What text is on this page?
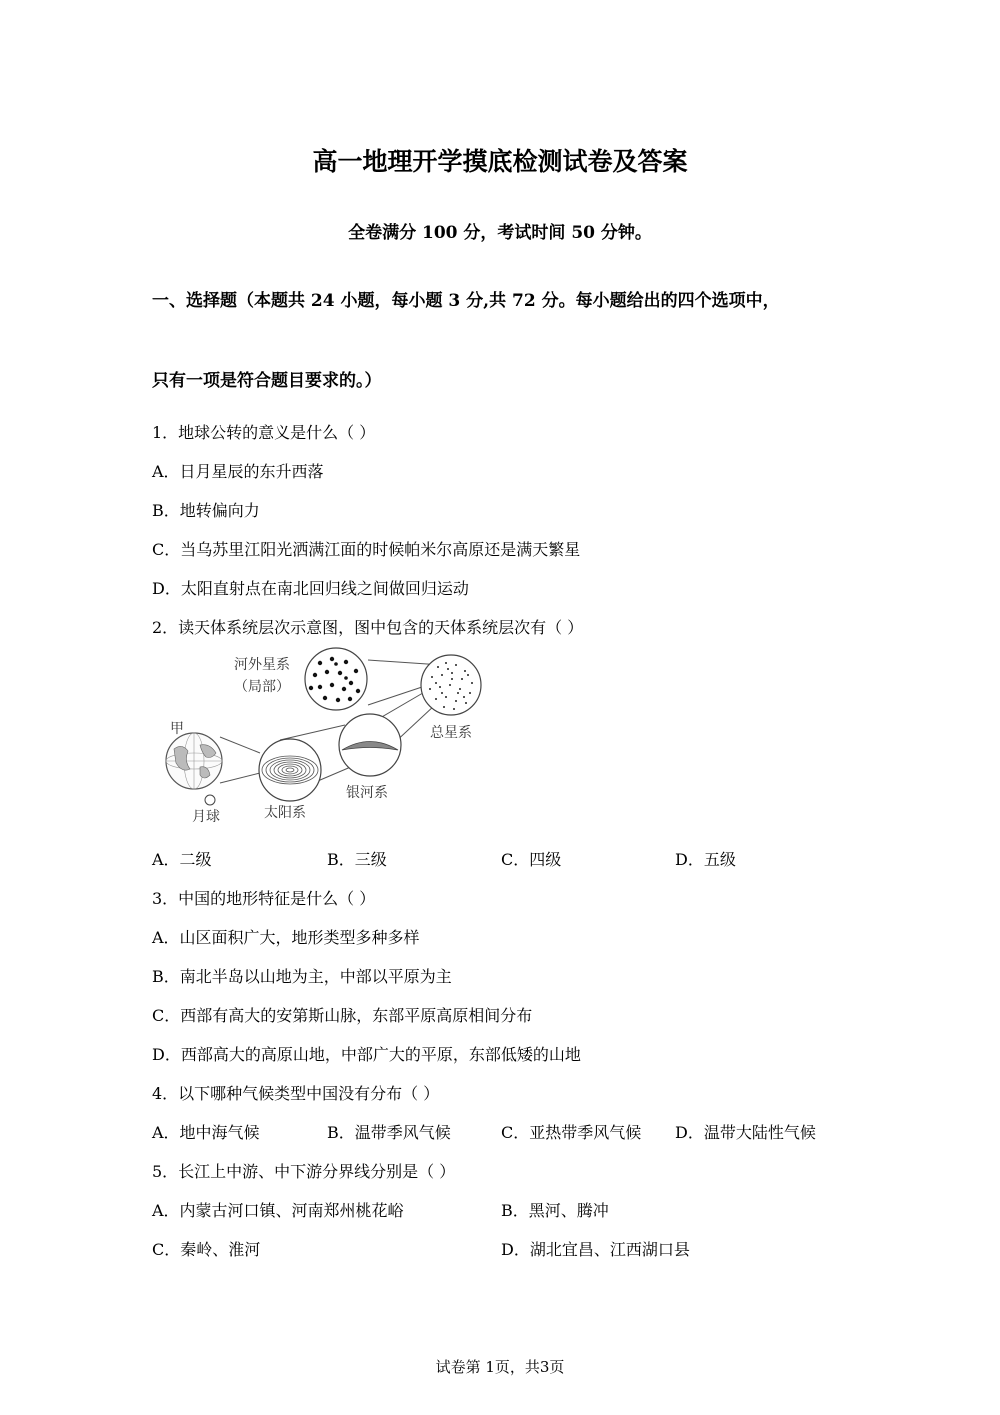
高一地理开学摸底检测试卷及答案
全卷满分 100 分，考试时间 50 分钟。
一、选择题（本题共 24 小题，每小题 3 分,共 72 分。每小题给出的四个选项中，
只有一项是符合题目要求的。）
1．地球公转的意义是什么（ ）
A．日月星辰的东升西落
B．地转偏向力
C．当乌苏里江阳光洒满江面的时候帕米尔高原还是满天繁星
D．太阳直射点在南北回归线之间做回归运动
2．读天体系统层次示意图，图中包含的天体系统层次有（ ）
河外星系
（局部）
甲	总星系
银河系
月球	太阳系
A．二级	B．三级	C．四级	D．五级
3．中国的地形特征是什么（ ）
A．山区面积广大，地形类型多种多样
B．南北半岛以山地为主，中部以平原为主
C．西部有高大的安第斯山脉，东部平原高原相间分布
D．西部高大的高原山地，中部广大的平原，东部低矮的山地
4．以下哪种气候类型中国没有分布（ ）
A．地中海气候	B．温带季风气候	C．亚热带季风气候 D．温带大陆性气候
5．长江上中游、中下游分界线分别是（ ）
A．内蒙古河口镇、河南郑州桃花峪	B．黑河、腾冲
C．秦岭、淮河	D．湖北宜昌、江西湖口县
试卷第 1页，共3页
